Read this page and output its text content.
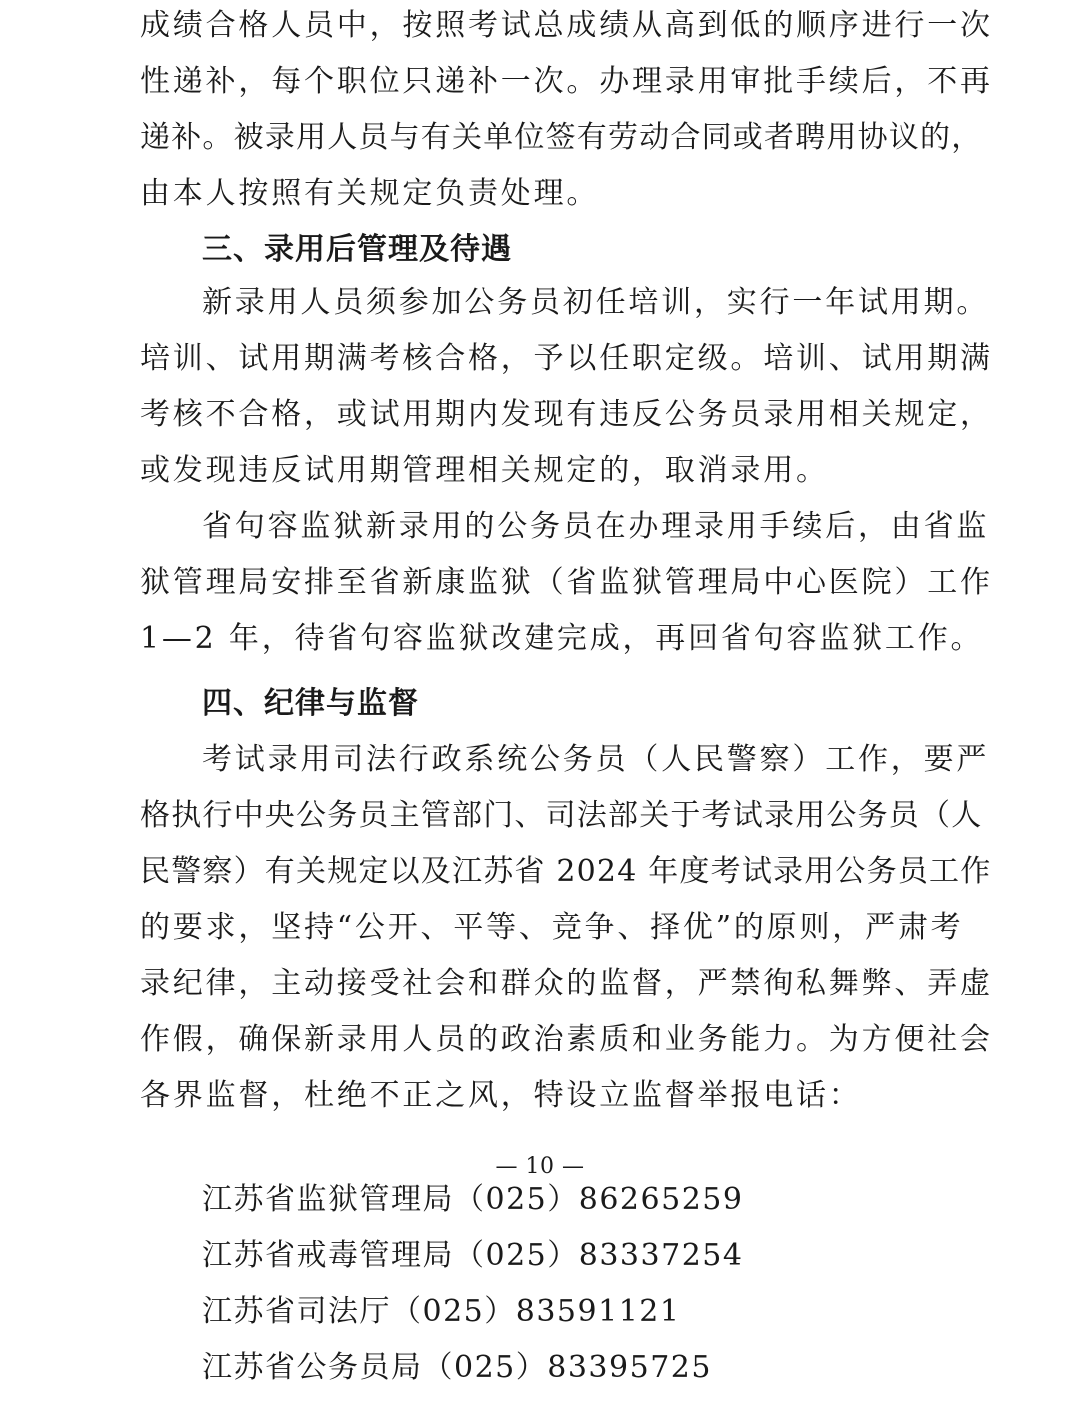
成绩合格人员中，按照考试总成绩从高到低的顺序进行一次
性递补，每个职位只递补一次。办理录用审批手续后，不再
递补。被录用人员与有关单位签有劳动合同或者聘用协议的，
由本人按照有关规定负责处理。
三、录用后管理及待遇
新录用人员须参加公务员初任培训，实行一年试用期。
培训、试用期满考核合格，予以任职定级。培训、试用期满
考核不合格，或试用期内发现有违反公务员录用相关规定，
或发现违反试用期管理相关规定的，取消录用。
省句容监狱新录用的公务员在办理录用手续后，由省监
狱管理局安排至省新康监狱（省监狱管理局中心医院）工作
1—2 年，待省句容监狱改建完成，再回省句容监狱工作。
四、纪律与监督
考试录用司法行政系统公务员（人民警察）工作，要严
格执行中央公务员主管部门、司法部关于考试录用公务员（人
民警察）有关规定以及江苏省 2024 年度考试录用公务员工作
的要求，坚持“公开、平等、竞争、择优”的原则，严肃考
录纪律，主动接受社会和群众的监督，严禁徇私舞弊、弄虚
作假，确保新录用人员的政治素质和业务能力。为方便社会
各界监督，杜绝不正之风，特设立监督举报电话：
— 10 —
江苏省监狱管理局（025）86265259
江苏省戒毒管理局（025）83337254
江苏省司法厅（025）83591121
江苏省公务员局（025）83395725
